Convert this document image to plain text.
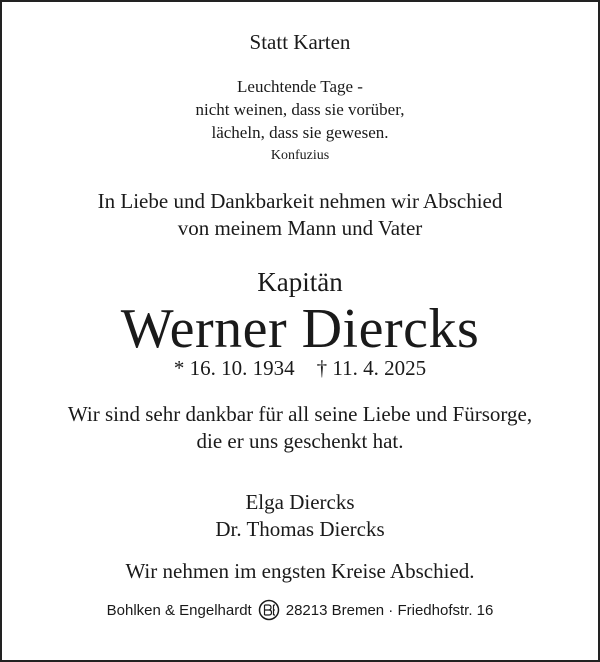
Statt Karten
Leuchtende Tage -
nicht weinen, dass sie vorüber,
lächeln, dass sie gewesen.
Konfuzius
In Liebe und Dankbarkeit nehmen wir Abschied
von meinem Mann und Vater
Kapitän
Werner Diercks
* 16. 10. 1934 † 11. 4. 2025
Wir sind sehr dankbar für all seine Liebe und Fürsorge,
die er uns geschenkt hat.
Elga Diercks
Dr. Thomas Diercks
Wir nehmen im engsten Kreise Abschied.
Bohlken & Engelhardt 28213 Bremen · Friedhofstr. 16
